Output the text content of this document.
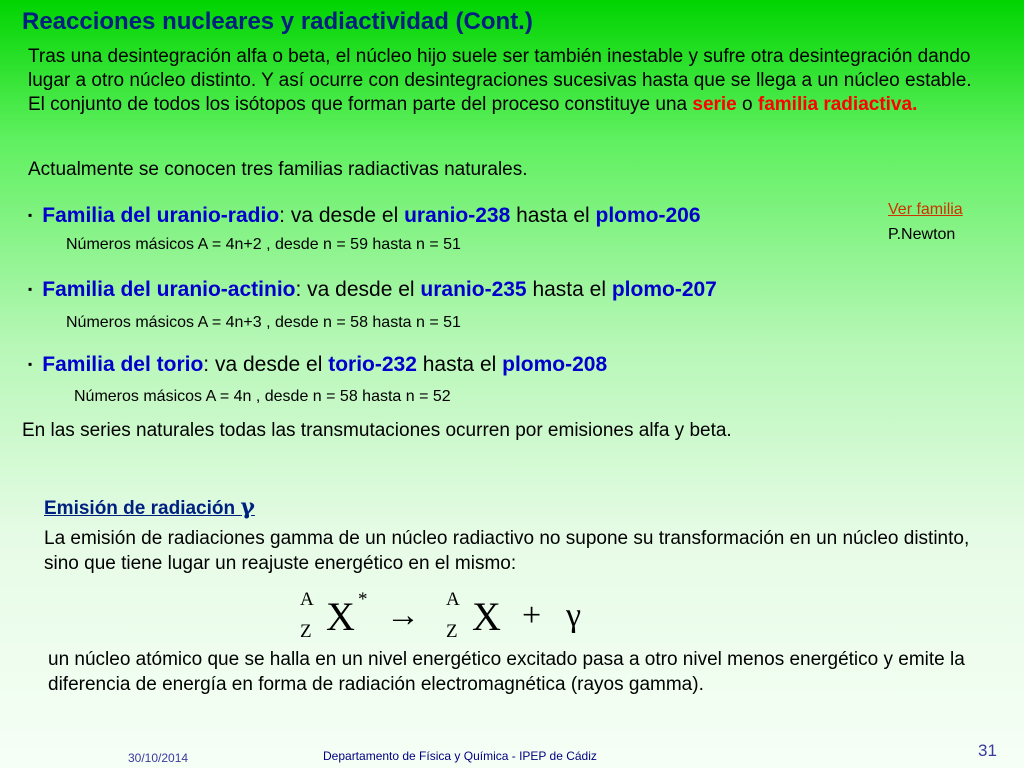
Reacciones nucleares y radiactividad (Cont.)

Tras una desintegración alfa o beta, el núcleo hijo suele ser también inestable y sufre otra desintegración dando lugar a otro núcleo distinto. Y así ocurre con desintegraciones sucesivas hasta que se llega a un núcleo estable. El conjunto de todos los isótopos que forman parte del proceso constituye una serie o familia radiactiva.

Actualmente se conocen tres familias radiactivas naturales.

▪ Familia del uranio-radio: va desde el uranio-238 hasta el plomo-206

Números másicos A = 4n+2 , desde n = 59 hasta n = 51

▪ Familia del uranio-actinio: va desde el uranio-235 hasta el plomo-207

Números másicos A = 4n+3 , desde n = 58 hasta n = 51

▪ Familia del torio: va desde el torio-232 hasta el plomo-208

Números másicos A = 4n , desde n = 58 hasta n = 52

Ver familia

P.Newton

En las series naturales todas las transmutaciones ocurren por emisiones alfa y beta.

Emisión de radiación γ

La emisión de radiaciones gamma de un núcleo radiactivo no supone su transformación en un núcleo distinto, sino que tiene lugar un reajuste energético en el mismo:

A
Z X * → A
Z X + γ

un núcleo atómico que se halla en un nivel energético excitado pasa a otro nivel menos energético y emite la diferencia de energía en forma de radiación electromagnética (rayos gamma).

30/10/2014	Departamento de Física y Química - IPEP de Cádiz	31
